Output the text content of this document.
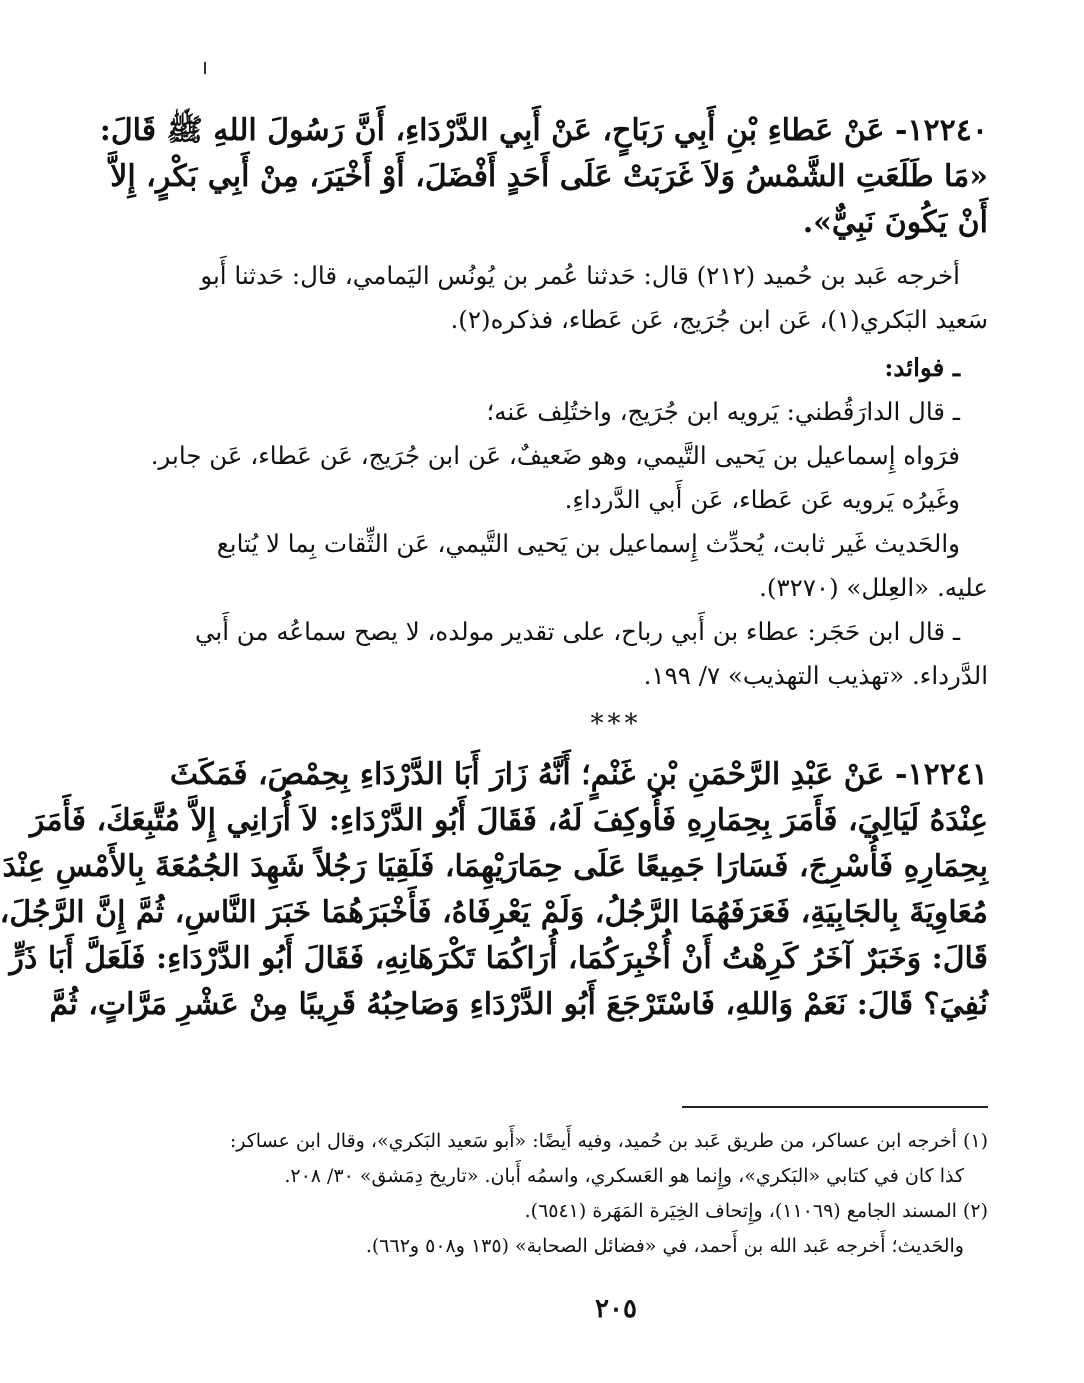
١٢٢٤٠- عَنْ عَطاءِ بْنِ أَبِي رَبَاحٍ، عَنْ أَبِي الدَّرْدَاءِ، أَنَّ رَسُولَ اللهِ ﷺ قَالَ:
«مَا طَلَعَتِ الشَّمْسُ وَلاَ غَرَبَتْ عَلَى أَحَدٍ أَفْضَلَ، أَوْ أَخْيَرَ، مِنْ أَبِي بَكْرٍ، إِلاَّ
أَنْ يَكُونَ نَبِيٌّ».
أخرجه عَبد بن حُميد (٢١٢) قال: حَدثنا عُمر بن يُونُس اليَمامي، قال: حَدثنا أَبو
سَعيد البَكري(١)، عَن ابن جُرَيج، عَن عَطاء، فذكره(٢).
ـ فوائد:
ـ قال الدارَقُطني: يَرويه ابن جُرَيج، واختُلِف عَنه؛
فرَواه إِسماعيل بن يَحيى التَّيمي، وهو ضَعيفٌ، عَن ابن جُرَيج، عَن عَطاء، عَن جابر.
وغَيرُه يَرويه عَن عَطاء، عَن أَبي الدَّرداءِ.
والحَديث غَير ثابت، يُحدِّث إِسماعيل بن يَحيى التَّيمي، عَن الثِّقات بِما لا يُتابع
عليه. «العِلل» (٣٢٧٠).
ـ قال ابن حَجَر: عطاء بن أَبي رباح، على تقدير مولده، لا يصح سماعُه من أَبي
الدَّرداء. «تهذيب التهذيب» ٧/ ١٩٩.
***
١٢٢٤١- عَنْ عَبْدِ الرَّحْمَنِ بْنِ غَنْمٍ؛ أَنَّهُ زَارَ أَبَا الدَّرْدَاءِ بِحِمْصَ، فَمَكَثَ
عِنْدَهُ لَيَالِيَ، فَأَمَرَ بِحِمَارِهِ فَأُوكِفَ لَهُ، فَقَالَ أَبُو الدَّرْدَاءِ: لاَ أُرَانِي إِلاَّ مُتَّبِعَكَ، فَأَمَرَ
بِحِمَارِهِ فَأُسْرِجَ، فَسَارَا جَمِيعًا عَلَى حِمَارَيْهِمَا، فَلَقِيَا رَجُلاً شَهِدَ الجُمُعَةَ بِالأَمْسِ عِنْدَ
مُعَاوِيَةَ بِالجَابِيَةِ، فَعَرَفَهُمَا الرَّجُلُ، وَلَمْ يَعْرِفَاهُ، فَأَخْبَرَهُمَا خَبَرَ النَّاسِ، ثُمَّ إِنَّ الرَّجُلَ،
قَالَ: وَخَبَرٌ آخَرُ كَرِهْتُ أَنْ أُخْبِرَكُمَا، أُرَاكُمَا تَكْرَهَانِهِ، فَقَالَ أَبُو الدَّرْدَاءِ: فَلَعَلَّ أَبَا ذَرٍّ
نُفِيَ؟ قَالَ: نَعَمْ وَاللهِ، فَاسْتَرْجَعَ أَبُو الدَّرْدَاءِ وَصَاحِبُهُ قَرِيبًا مِنْ عَشْرِ مَرَّاتٍ، ثُمَّ
(١) أخرجه ابن عساكر، من طريق عَبد بن حُميد، وفيه أَيضًا: «أَبو سَعيد البَكري»، وقال ابن عساكر:
كذا كان في كتابي «البَكري»، وإِنما هو العَسكري، واسمُه أَبان. «تاريخ دِمَشق» ٣٠/ ٢٠٨.
(٢) المسند الجامع (١١٠٦٩)، وإِتحاف الخِيَرة المَهَرة (٦٥٤١).
والحَديث؛ أَخرجه عَبد الله بن أَحمد، في «فضائل الصحابة» (١٣٥ و٥٠٨ و٦٦٢).
٢٠٥
